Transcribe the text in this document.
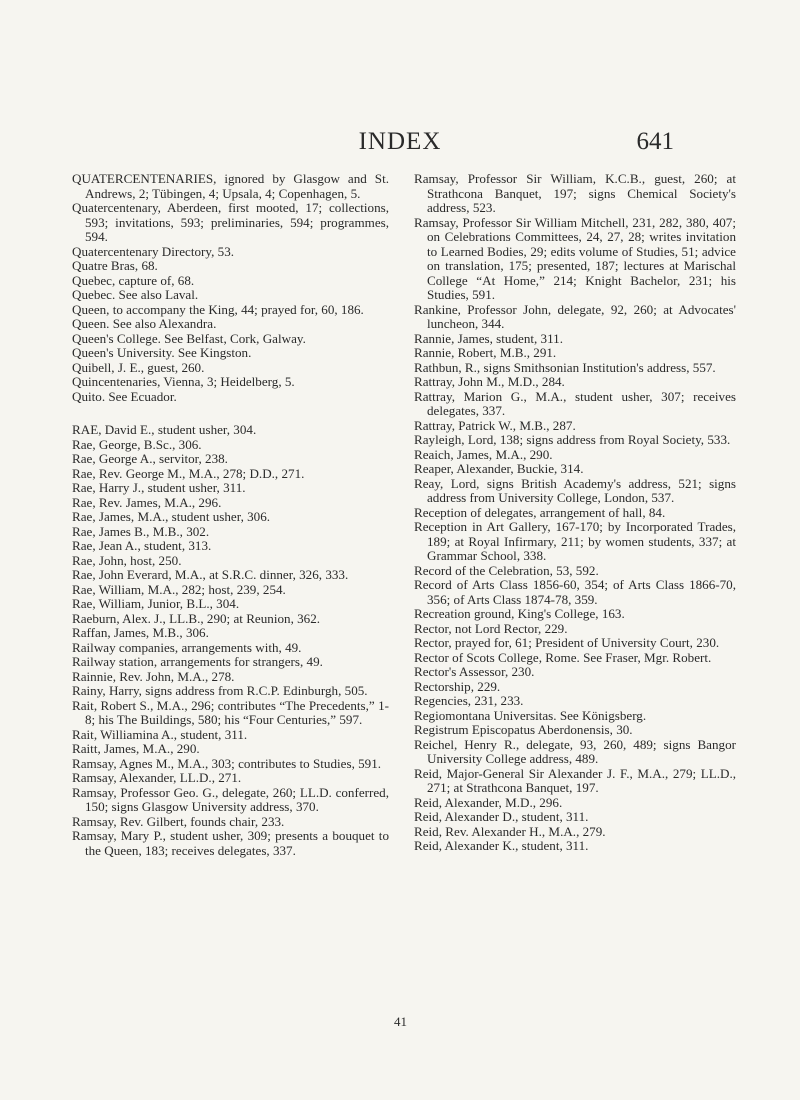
INDEX	641

QUATERCENTENARIES, ignored by Glasgow and St. Andrews, 2; Tübingen, 4; Upsala, 4; Copenhagen, 5.

Quatercentenary, Aberdeen, first mooted, 17; collections, 593; invitations, 593; preliminaries, 594; programmes, 594.

Quatercentenary Directory, 53.

Quatre Bras, 68.

Quebec, capture of, 68.

Quebec. See also Laval.

Queen, to accompany the King, 44; prayed for, 60, 186.

Queen. See also Alexandra.

Queen's College. See Belfast, Cork, Galway.

Queen's University. See Kingston.

Quibell, J. E., guest, 260.

Quincentenaries, Vienna, 3; Heidelberg, 5.

Quito. See Ecuador.

RAE, David E., student usher, 304.

Rae, George, B.Sc., 306.

Rae, George A., servitor, 238.

Rae, Rev. George M., M.A., 278; D.D., 271.

Rae, Harry J., student usher, 311.

Rae, Rev. James, M.A., 296.

Rae, James, M.A., student usher, 306.

Rae, James B., M.B., 302.

Rae, Jean A., student, 313.

Rae, John, host, 250.

Rae, John Everard, M.A., at S.R.C. dinner, 326, 333.

Rae, William, M.A., 282; host, 239, 254.

Rae, William, Junior, B.L., 304.

Raeburn, Alex. J., LL.B., 290; at Reunion, 362.

Raffan, James, M.B., 306.

Railway companies, arrangements with, 49.

Railway station, arrangements for strangers, 49.

Rainnie, Rev. John, M.A., 278.

Rainy, Harry, signs address from R.C.P. Edinburgh, 505.

Rait, Robert S., M.A., 296; contributes “The Precedents,” 1-8; his The Buildings, 580; his “Four Centuries,” 597.

Rait, Williamina A., student, 311.

Raitt, James, M.A., 290.

Ramsay, Agnes M., M.A., 303; contributes to Studies, 591.

Ramsay, Alexander, LL.D., 271.

Ramsay, Professor Geo. G., delegate, 260; LL.D. conferred, 150; signs Glasgow University address, 370.

Ramsay, Rev. Gilbert, founds chair, 233.

Ramsay, Mary P., student usher, 309; presents a bouquet to the Queen, 183; receives delegates, 337.

Ramsay, Professor Sir William, K.C.B., guest, 260; at Strathcona Banquet, 197; signs Chemical Society's address, 523.

Ramsay, Professor Sir William Mitchell, 231, 282, 380, 407; on Celebrations Committees, 24, 27, 28; writes invitation to Learned Bodies, 29; edits volume of Studies, 51; advice on translation, 175; presented, 187; lectures at Marischal College “At Home,” 214; Knight Bachelor, 231; his Studies, 591.

Rankine, Professor John, delegate, 92, 260; at Advocates' luncheon, 344.

Rannie, James, student, 311.

Rannie, Robert, M.B., 291.

Rathbun, R., signs Smithsonian Institution's address, 557.

Rattray, John M., M.D., 284.

Rattray, Marion G., M.A., student usher, 307; receives delegates, 337.

Rattray, Patrick W., M.B., 287.

Rayleigh, Lord, 138; signs address from Royal Society, 533.

Reaich, James, M.A., 290.

Reaper, Alexander, Buckie, 314.

Reay, Lord, signs British Academy's address, 521; signs address from University College, London, 537.

Reception of delegates, arrangement of hall, 84.

Reception in Art Gallery, 167-170; by Incorporated Trades, 189; at Royal Infirmary, 211; by women students, 337; at Grammar School, 338.

Record of the Celebration, 53, 592.

Record of Arts Class 1856-60, 354; of Arts Class 1866-70, 356; of Arts Class 1874-78, 359.

Recreation ground, King's College, 163.

Rector, not Lord Rector, 229.

Rector, prayed for, 61; President of University Court, 230.

Rector of Scots College, Rome. See Fraser, Mgr. Robert.

Rector's Assessor, 230.

Rectorship, 229.

Regencies, 231, 233.

Regiomontana Universitas. See Königsberg.

Registrum Episcopatus Aberdonensis, 30.

Reichel, Henry R., delegate, 93, 260, 489; signs Bangor University College address, 489.

Reid, Major-General Sir Alexander J. F., M.A., 279; LL.D., 271; at Strathcona Banquet, 197.

Reid, Alexander, M.D., 296.

Reid, Alexander D., student, 311.

Reid, Rev. Alexander H., M.A., 279.

Reid, Alexander K., student, 311.

41
